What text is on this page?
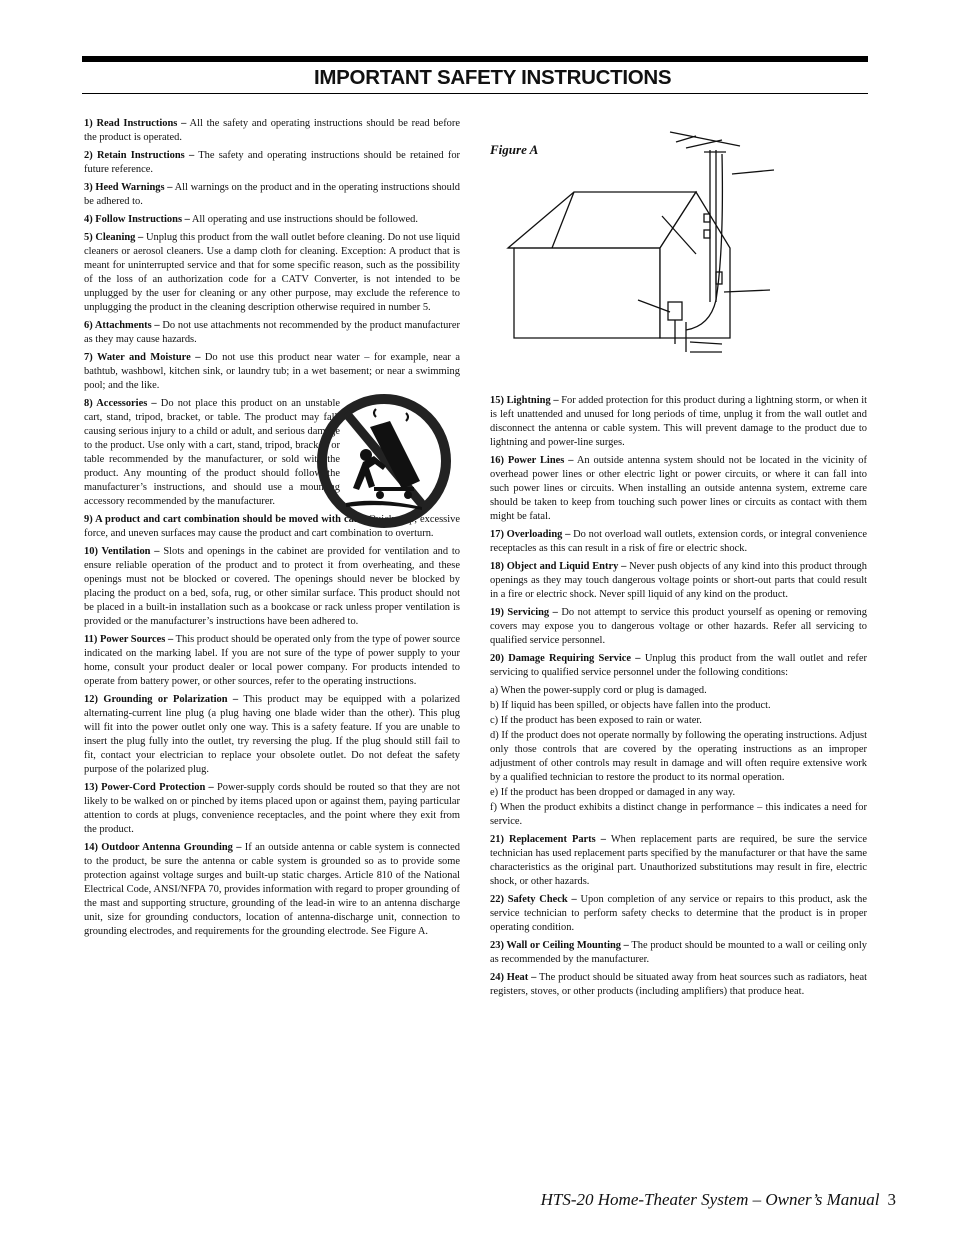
IMPORTANT SAFETY INSTRUCTIONS

1) Read Instructions – All the safety and operating instructions should be read before the product is operated.

2) Retain Instructions – The safety and operating instructions should be retained for future reference.

3) Heed Warnings – All warnings on the product and in the operating instructions should be adhered to.

4) Follow Instructions – All operating and use instructions should be followed.

5) Cleaning – Unplug this product from the wall outlet before cleaning. Do not use liquid cleaners or aerosol cleaners. Use a damp cloth for cleaning. Exception: A product that is meant for uninterrupted service and that for some specific reason, such as the possibility of the loss of an authorization code for a CATV Converter, is not intended to be unplugged by the user for cleaning or any other purpose, may exclude the reference to unplugging the product in the cleaning description otherwise required in number 5.

6) Attachments – Do not use attachments not recommended by the product manufacturer as they may cause hazards.

7) Water and Moisture – Do not use this product near water – for example, near a bathtub, washbowl, kitchen sink, or laundry tub; in a wet basement; or near a swimming pool; and the like.

8) Accessories – Do not place this product on an unstable cart, stand, tripod, bracket, or table. The product may fall, causing serious injury to a child or adult, and serious damage to the product. Use only with a cart, stand, tripod, bracket, or table recommended by the manufacturer, or sold with the product. Any mounting of the product should follow the manufacturer’s instructions, and should use a mounting accessory recommended by the manufacturer.

9) A product and cart combination should be moved with care. Quick stop, excessive force, and uneven surfaces may cause the product and cart combination to overturn.

10) Ventilation – Slots and openings in the cabinet are provided for ventilation and to ensure reliable operation of the product and to protect it from overheating, and these openings must not be blocked or covered. The openings should never be blocked by placing the product on a bed, sofa, rug, or other similar surface. This product should not be placed in a built-in installation such as a bookcase or rack unless proper ventilation is provided or the manufacturer’s instructions have been adhered to.

11) Power Sources – This product should be operated only from the type of power source indicated on the marking label. If you are not sure of the type of power supply to your home, consult your product dealer or local power company. For products intended to operate from battery power, or other sources, refer to the operating instructions.

12) Grounding or Polarization – This product may be equipped with a polarized alternating-current line plug (a plug having one blade wider than the other). This plug will fit into the power outlet only one way. This is a safety feature. If you are unable to insert the plug fully into the outlet, try reversing the plug. If the plug should still fail to fit, contact your electrician to replace your obsolete outlet. Do not defeat the safety purpose of the polarized plug.

13) Power-Cord Protection – Power-supply cords should be routed so that they are not likely to be walked on or pinched by items placed upon or against them, paying particular attention to cords at plugs, convenience receptacles, and the point where they exit from the product.

14) Outdoor Antenna Grounding – If an outside antenna or cable system is connected to the product, be sure the antenna or cable system is grounded so as to provide some protection against voltage surges and built-up static charges. Article 810 of the National Electrical Code, ANSI/NFPA 70, provides information with regard to proper grounding of the mast and supporting structure, grounding of the lead-in wire to an antenna discharge unit, size for grounding conductors, location of antenna-discharge unit, connection to grounding electrodes, and requirements for the grounding electrode. See Figure A.

Figure A

15) Lightning – For added protection for this product during a lightning storm, or when it is left unattended and unused for long periods of time, unplug it from the wall outlet and disconnect the antenna or cable system. This will prevent damage to the product due to lightning and power-line surges.

16) Power Lines – An outside antenna system should not be located in the vicinity of overhead power lines or other electric light or power circuits, or where it can fall into such power lines or circuits. When installing an outside antenna system, extreme care should be taken to keep from touching such power lines or circuits as contact with them might be fatal.

17) Overloading – Do not overload wall outlets, extension cords, or integral convenience receptacles as this can result in a risk of fire or electric shock.

18) Object and Liquid Entry – Never push objects of any kind into this product through openings as they may touch dangerous voltage points or short-out parts that could result in a fire or electric shock. Never spill liquid of any kind on the product.

19) Servicing – Do not attempt to service this product yourself as opening or removing covers may expose you to dangerous voltage or other hazards. Refer all servicing to qualified service personnel.

20) Damage Requiring Service – Unplug this product from the wall outlet and refer servicing to qualified service personnel under the following conditions:

a) When the power-supply cord or plug is damaged.

b) If liquid has been spilled, or objects have fallen into the product.

c) If the product has been exposed to rain or water.

d) If the product does not operate normally by following the operating instructions. Adjust only those controls that are covered by the operating instructions as an improper adjustment of other controls may result in damage and will often require extensive work by a qualified technician to restore the product to its normal operation.

e) If the product has been dropped or damaged in any way.

f) When the product exhibits a distinct change in performance – this indicates a need for service.

21) Replacement Parts – When replacement parts are required, be sure the service technician has used replacement parts specified by the manufacturer or that have the same characteristics as the original part. Unauthorized substitutions may result in fire, electric shock, or other hazards.

22) Safety Check – Upon completion of any service or repairs to this product, ask the service technician to perform safety checks to determine that the product is in proper operating condition.

23) Wall or Ceiling Mounting – The product should be mounted to a wall or ceiling only as recommended by the manufacturer.

24) Heat – The product should be situated away from heat sources such as radiators, heat registers, stoves, or other products (including amplifiers) that produce heat.

HTS-20 Home-Theater System – Owner’s Manual 3
